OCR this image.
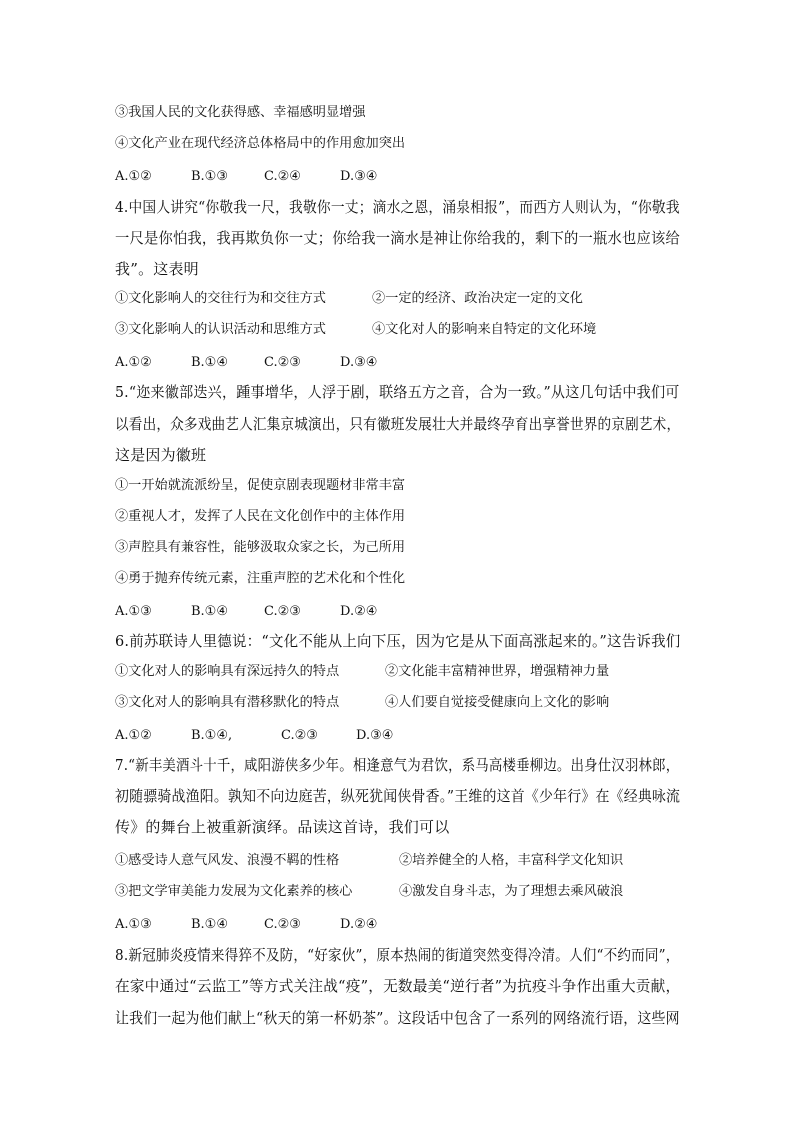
③我国人民的文化获得感、幸福感明显增强
④文化产业在现代经济总体格局中的作用愈加突出
A.①②	B.①③	C.②④	D.③④
4.中国人讲究“你敬我一尺，我敬你一丈；滴水之恩，涌泉相报”，而西方人则认为，“你敬我
一尺是你怕我，我再欺负你一丈；你给我一滴水是神让你给我的，剩下的一瓶水也应该给
我”。这表明
①文化影响人的交往行为和交往方式	②一定的经济、政治决定一定的文化
③文化影响人的认识活动和思维方式	④文化对人的影响来自特定的文化环境
A.①②	B.①④	C.②③	D.③④
5.“迩来徽部迭兴，踵事增华，人浮于剧，联络五方之音，合为一致。”从这几句话中我们可
以看出，众多戏曲艺人汇集京城演出，只有徽班发展壮大并最终孕育出享誉世界的京剧艺术，
这是因为徽班
①一开始就流派纷呈，促使京剧表现题材非常丰富
②重视人才，发挥了人民在文化创作中的主体作用
③声腔具有兼容性，能够汲取众家之长，为己所用
④勇于抛弃传统元素，注重声腔的艺术化和个性化
A.①③	B.①④	C.②③	D.②④
6.前苏联诗人里德说：“文化不能从上向下压，因为它是从下面高涨起来的。”这告诉我们
①文化对人的影响具有深远持久的特点	②文化能丰富精神世界，增强精神力量
③文化对人的影响具有潜移默化的特点	④人们要自觉接受健康向上文化的影响
A.①②	B.①④,	C.②③	D.③④
7.“新丰美酒斗十千，咸阳游侠多少年。相逢意气为君饮，系马高楼垂柳边。出身仕汉羽林郎，
初随骠骑战渔阳。孰知不向边庭苦，纵死犹闻侠骨香。”王维的这首《少年行》在《经典咏流
传》的舞台上被重新演绎。品读这首诗，我们可以
①感受诗人意气风发、浪漫不羁的性格	②培养健全的人格，丰富科学文化知识
③把文学审美能力发展为文化素养的核心	④激发自身斗志，为了理想去乘风破浪
A.①③	B.①④	C.②③	D.②④
8.新冠肺炎疫情来得猝不及防，“好家伙”，原本热闹的街道突然变得冷清。人们“不约而同”，
在家中通过“云监工”等方式关注战“疫”，无数最美“逆行者”为抗疫斗争作出重大贡献，
让我们一起为他们献上“秋天的第一杯奶茶”。这段话中包含了一系列的网络流行语，这些网
